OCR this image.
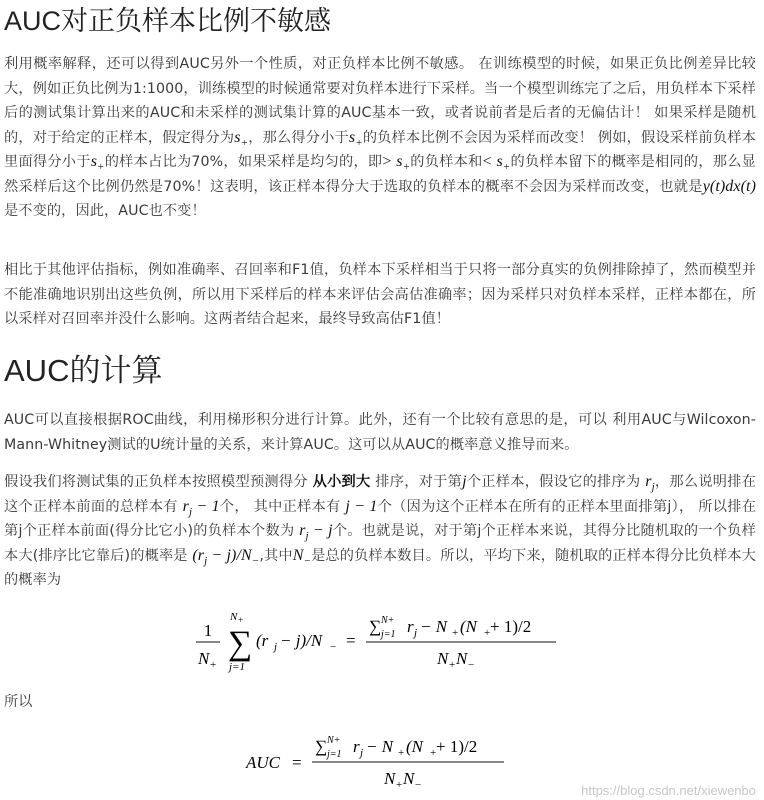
AUC对正负样本比例不敏感
利用概率解释，还可以得到AUC另外一个性质，对正负样本比例不敏感。 在训练模型的时候，如果正负比例差异比较大，例如正负比例为1:1000，训练模型的时候通常要对负样本进行下采样。当一个模型训练完了之后，用负样本下采样后的测试集计算出来的AUC和未采样的测试集计算的AUC基本一致，或者说前者是后者的无偏估计！ 如果采样是随机的，对于给定的正样本，假定得分为$s_+$，那么得分小于$s_+$的负样本比例不会因为采样而改变！ 例如，假设采样前负样本里面得分小于$s_+$的样本占比为70%，如果采样是均匀的，即> $s_+$的负样本和< $s_+$的负样本留下的概率是相同的，那么显然采样后这个比例仍然是70%！这表明，该正样本得分大于选取的负样本的概率不会因为采样而改变，也就是y(t)dx(t)是不变的，因此，AUC也不变！
相比于其他评估指标，例如准确率、召回率和F1值，负样本下采样相当于只将一部分真实的负例排除掉了，然而模型并不能准确地识别出这些负例，所以用下采样后的样本来评估会高估准确率；因为采样只对负样本采样，正样本都在，所以采样对召回率并没什么影响。这两者结合起来，最终导致高估F1值！
AUC的计算
AUC可以直接根据ROC曲线，利用梯形积分进行计算。此外，还有一个比较有意思的是，可以 利用AUC与Wilcoxon-Mann-Whitney测试的U统计量的关系，来计算AUC。这可以从AUC的概率意义推导而来。
假设我们将测试集的正负样本按照模型预测得分 从小到大 排序，对于第j个正样本，假设它的排序为 $r_j$，那么说明排在这个正样本前面的总样本有 $r_j - 1$个， 其中正样本有 j − 1个（因为这个正样本在所有的正样本里面排第j）， 所以排在第j个正样本前面(得分比它小)的负样本个数为 $r_j - j$个。也就是说，对于第j个正样本来说，其得分比随机取的一个负样本大(排序比它靠后)的概率是 $(r_j - j)/N_-$,其中$N_-$是总的负样本数目。所以，平均下来，随机取的正样本得分比负样本大的概率为
1
N +
N +
∑
j=1
(r j − j)/N − =
∑ N+
j=1 r j − N + (N + + 1)/2
N + N −
所以
AUC =
∑ N+
j=1 r j − N + (N + + 1)/2
N + N −	https://blog.csdn.net/xiewenbo
